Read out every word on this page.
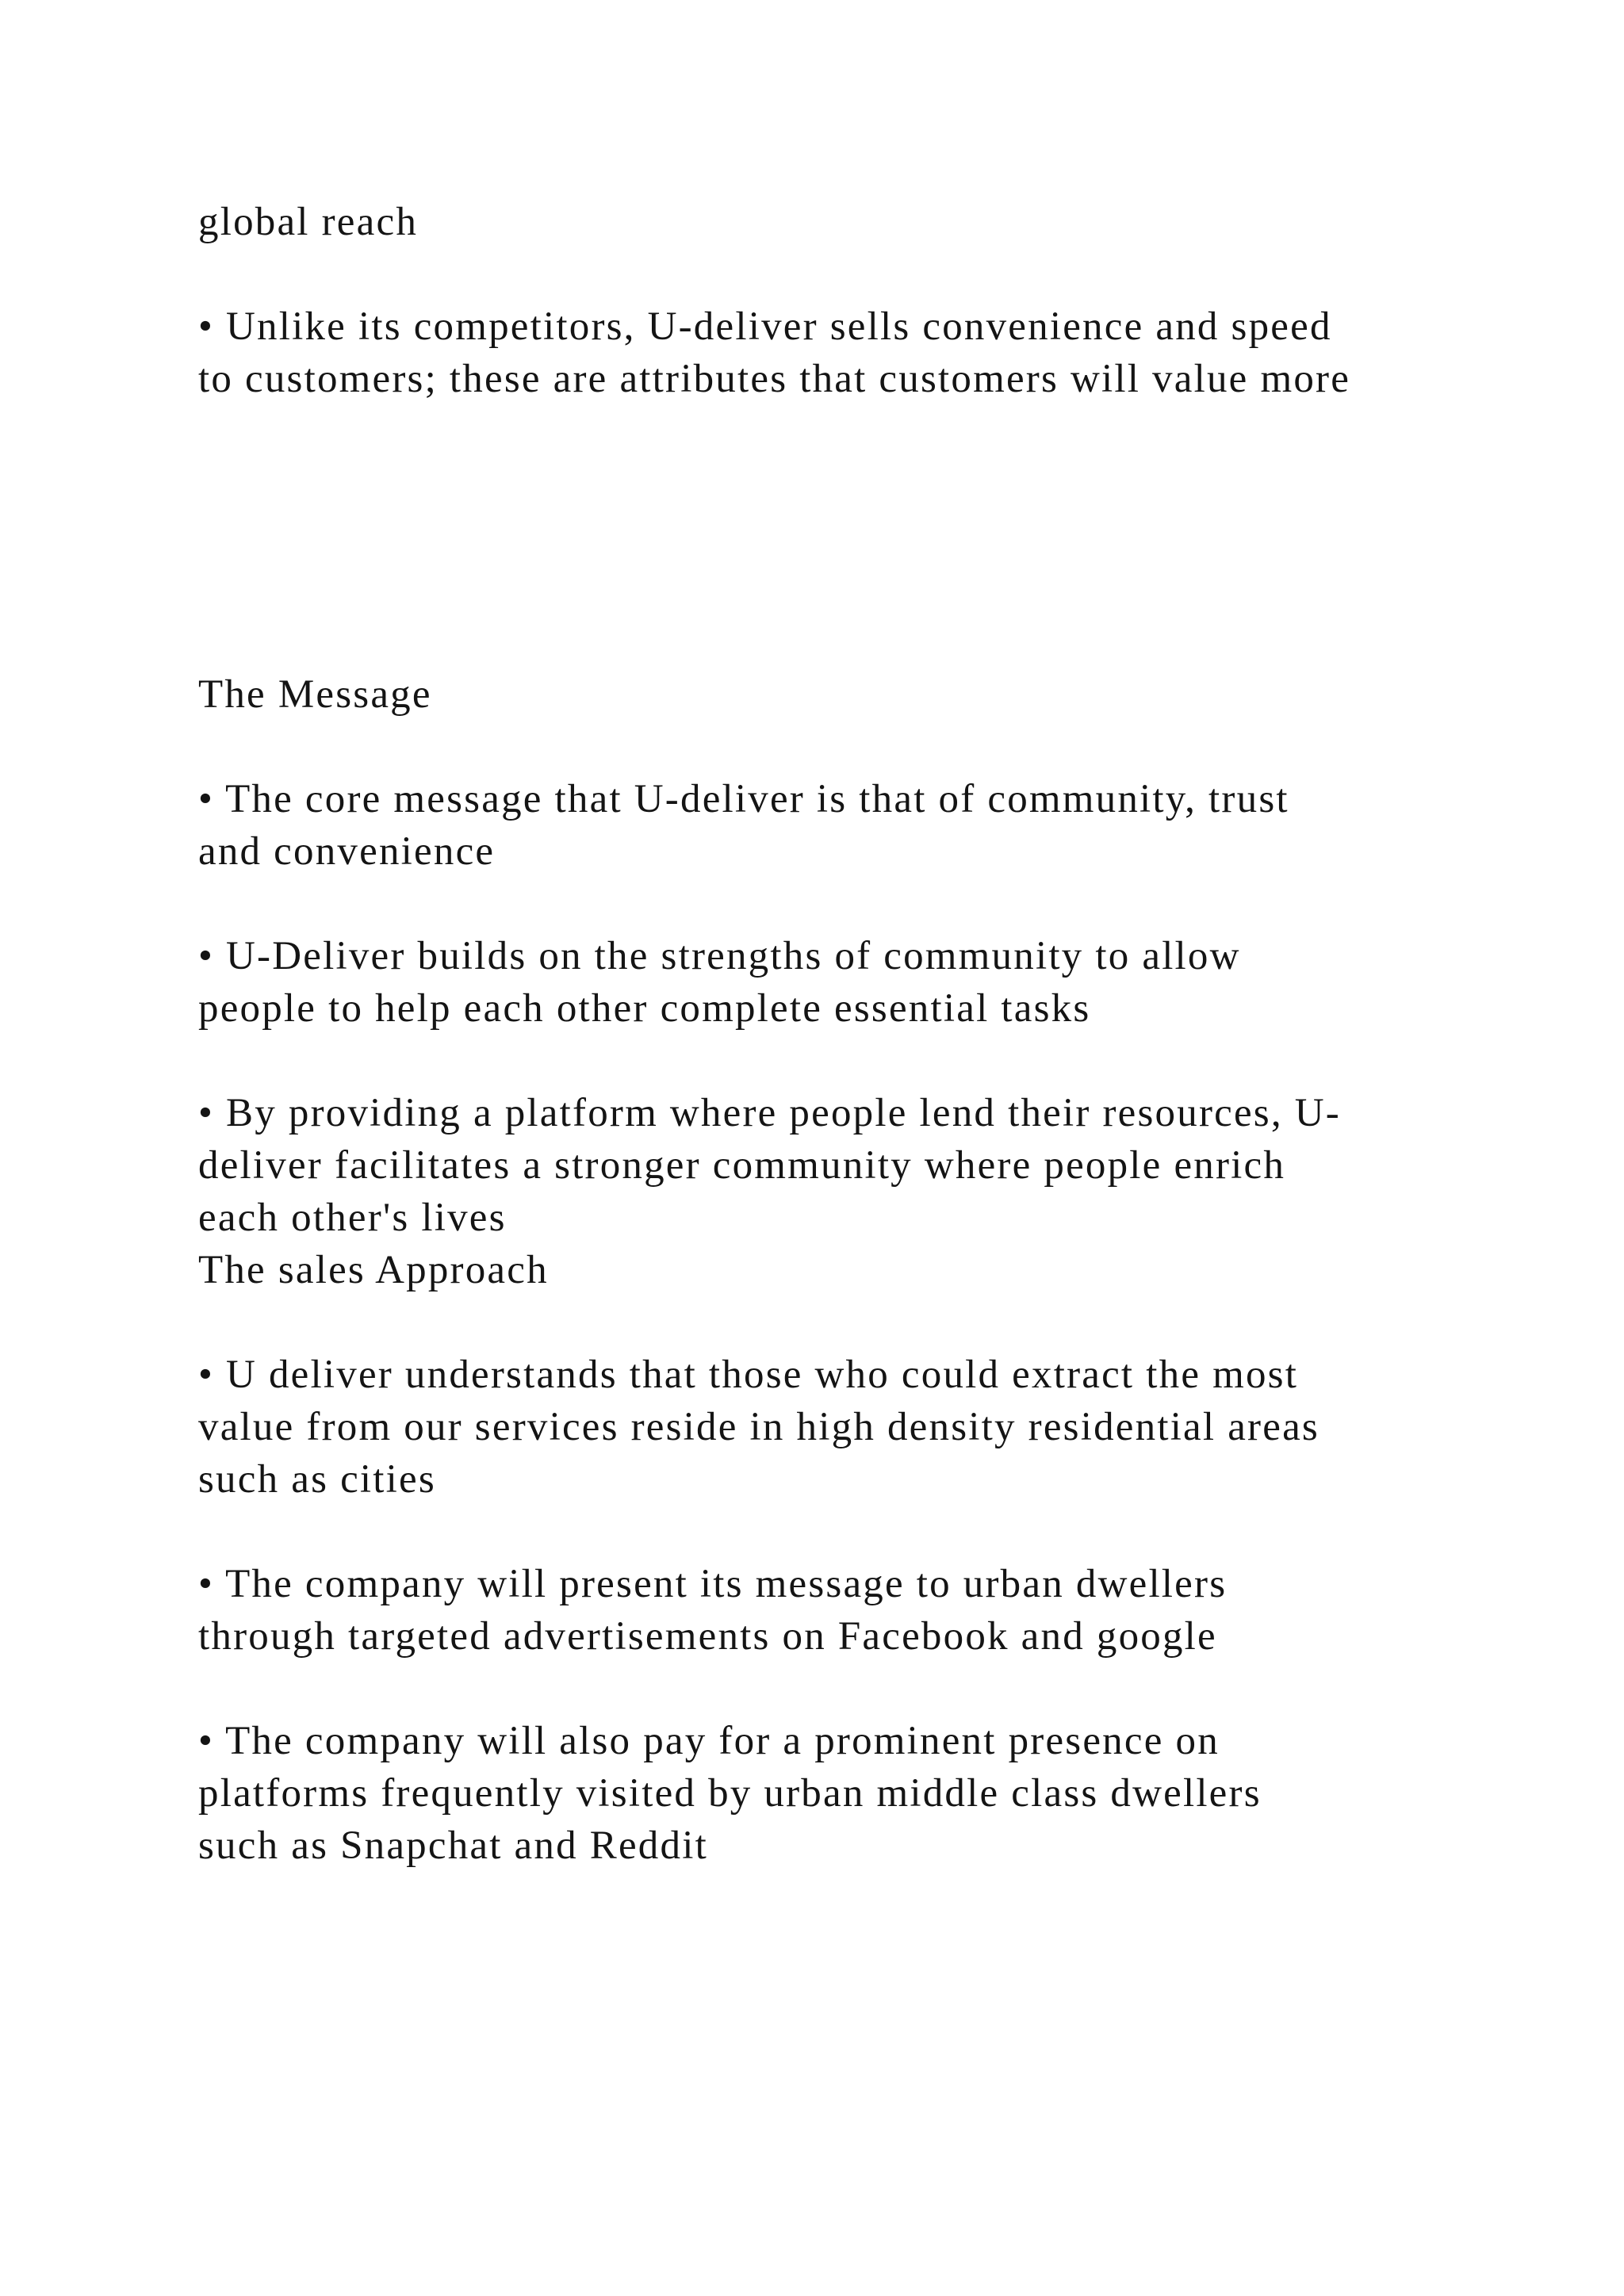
global reach

• Unlike its competitors, U-deliver sells convenience and speed

to customers; these are attributes that customers will value more

The Message

• The core message that U-deliver is that of community, trust

and convenience

• U-Deliver builds on the strengths of community to allow

people to help each other complete essential tasks

• By providing a platform where people lend their resources, U-

deliver facilitates a stronger community where people enrich

each other's lives

The sales Approach

• U deliver understands that those who could extract the most

value from our services reside in high density residential areas

such as cities

• The company will present its message to urban dwellers

through targeted advertisements on Facebook and google

• The company will also pay for a prominent presence on

platforms frequently visited by urban middle class dwellers

such as Snapchat and Reddit
